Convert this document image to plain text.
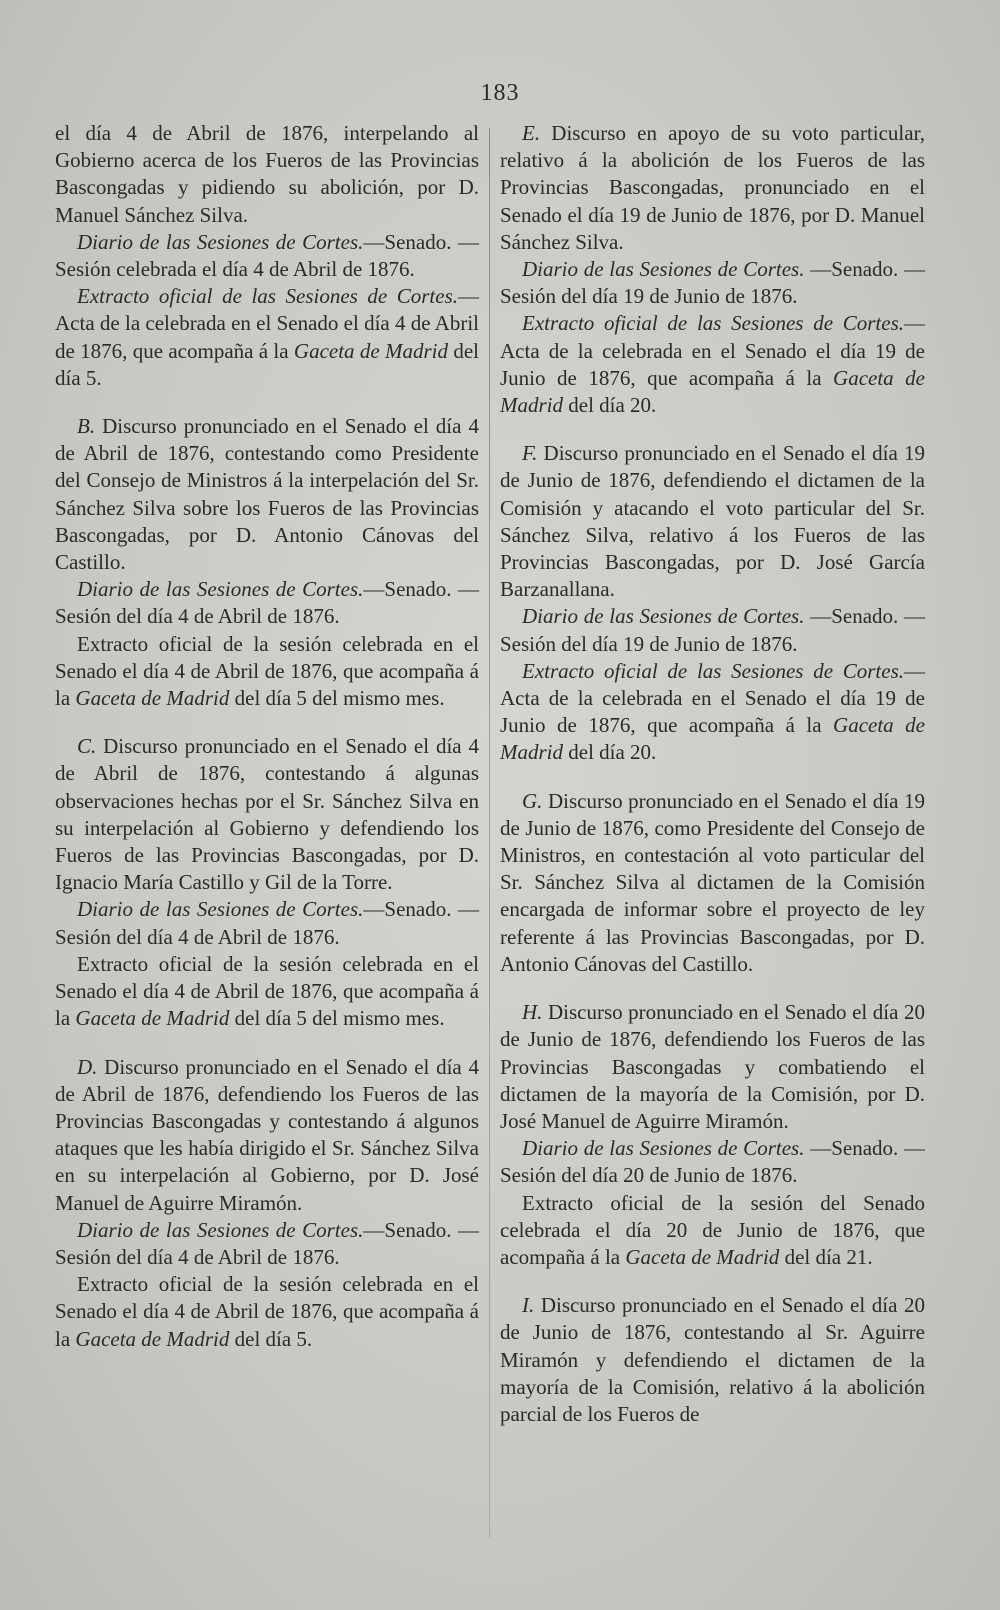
183

el día 4 de Abril de 1876, interpelando al Gobierno acerca de los Fueros de las Provincias Bascongadas y pidiendo su abolición, por D. Manuel Sánchez Silva.

Diario de las Sesiones de Cortes.—Senado. —Sesión celebrada el día 4 de Abril de 1876.

Extracto oficial de las Sesiones de Cortes.— Acta de la celebrada en el Senado el día 4 de Abril de 1876, que acompaña á la Gaceta de Madrid del día 5.

B. Discurso pronunciado en el Senado el día 4 de Abril de 1876, contestando como Presidente del Consejo de Ministros á la interpelación del Sr. Sánchez Silva sobre los Fueros de las Provincias Bascongadas, por D. Antonio Cánovas del Castillo.

Diario de las Sesiones de Cortes.—Senado. —Sesión del día 4 de Abril de 1876.

Extracto oficial de la sesión celebrada en el Senado el día 4 de Abril de 1876, que acompaña á la Gaceta de Madrid del día 5 del mismo mes.

C. Discurso pronunciado en el Senado el día 4 de Abril de 1876, contestando á algunas observaciones hechas por el Sr. Sánchez Silva en su interpelación al Gobierno y defendiendo los Fueros de las Provincias Bascongadas, por D. Ignacio María Castillo y Gil de la Torre.

Diario de las Sesiones de Cortes.—Senado. —Sesión del día 4 de Abril de 1876.

Extracto oficial de la sesión celebrada en el Senado el día 4 de Abril de 1876, que acompaña á la Gaceta de Madrid del día 5 del mismo mes.

D. Discurso pronunciado en el Senado el día 4 de Abril de 1876, defendiendo los Fueros de las Provincias Bascongadas y contestando á algunos ataques que les había dirigido el Sr. Sánchez Silva en su interpelación al Gobierno, por D. José Manuel de Aguirre Miramón.

Diario de las Sesiones de Cortes.—Senado. —Sesión del día 4 de Abril de 1876.

Extracto oficial de la sesión celebrada en el Senado el día 4 de Abril de 1876, que acompaña á la Gaceta de Madrid del día 5.

E. Discurso en apoyo de su voto particular, relativo á la abolición de los Fueros de las Provincias Bascongadas, pronunciado en el Senado el día 19 de Junio de 1876, por D. Manuel Sánchez Silva.

Diario de las Sesiones de Cortes. —Senado. —Sesión del día 19 de Junio de 1876.

Extracto oficial de las Sesiones de Cortes.— Acta de la celebrada en el Senado el día 19 de Junio de 1876, que acompaña á la Gaceta de Madrid del día 20.

F. Discurso pronunciado en el Senado el día 19 de Junio de 1876, defendiendo el dictamen de la Comisión y atacando el voto particular del Sr. Sánchez Silva, relativo á los Fueros de las Provincias Bascongadas, por D. José García Barzanallana.

Diario de las Sesiones de Cortes. —Senado. —Sesión del día 19 de Junio de 1876.

Extracto oficial de las Sesiones de Cortes.— Acta de la celebrada en el Senado el día 19 de Junio de 1876, que acompaña á la Gaceta de Madrid del día 20.

G. Discurso pronunciado en el Senado el día 19 de Junio de 1876, como Presidente del Consejo de Ministros, en contestación al voto particular del Sr. Sánchez Silva al dictamen de la Comisión encargada de informar sobre el proyecto de ley referente á las Provincias Bascongadas, por D. Antonio Cánovas del Castillo.

H. Discurso pronunciado en el Senado el día 20 de Junio de 1876, defendiendo los Fueros de las Provincias Bascongadas y combatiendo el dictamen de la mayoría de la Comisión, por D. José Manuel de Aguirre Miramón.

Diario de las Sesiones de Cortes. —Senado. —Sesión del día 20 de Junio de 1876.

Extracto oficial de la sesión del Senado celebrada el día 20 de Junio de 1876, que acompaña á la Gaceta de Madrid del día 21.

I. Discurso pronunciado en el Senado el día 20 de Junio de 1876, contestando al Sr. Aguirre Miramón y defendiendo el dictamen de la mayoría de la Comisión, relativo á la abolición parcial de los Fueros de
